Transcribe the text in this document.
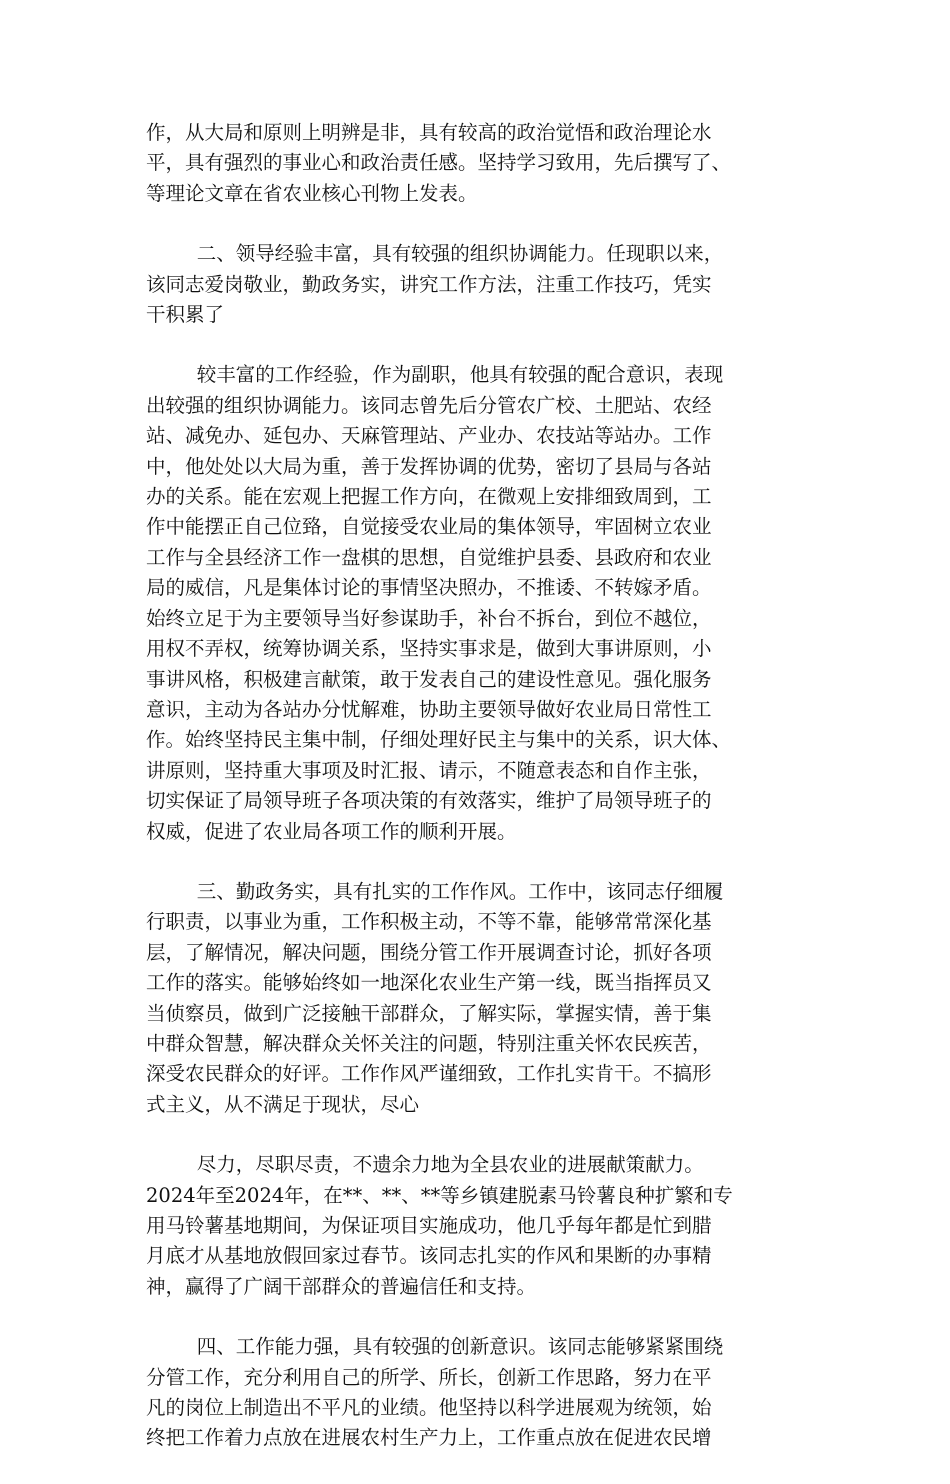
作，从大局和原则上明辨是非，具有较高的政治觉悟和政治理论水
平，具有强烈的事业心和政治责任感。坚持学习致用，先后撰写了、
等理论文章在省农业核心刊物上发表。

二、领导经验丰富，具有较强的组织协调能力。任现职以来，
该同志爱岗敬业，勤政务实，讲究工作方法，注重工作技巧，凭实
干积累了

较丰富的工作经验，作为副职，他具有较强的配合意识，表现
出较强的组织协调能力。该同志曾先后分管农广校、土肥站、农经
站、减免办、延包办、天麻管理站、产业办、农技站等站办。工作
中，他处处以大局为重，善于发挥协调的优势，密切了县局与各站
办的关系。能在宏观上把握工作方向，在微观上安排细致周到，工
作中能摆正自己位臵，自觉接受农业局的集体领导，牢固树立农业
工作与全县经济工作一盘棋的思想，自觉维护县委、县政府和农业
局的威信，凡是集体讨论的事情坚决照办，不推诿、不转嫁矛盾。
始终立足于为主要领导当好参谋助手，补台不拆台，到位不越位，
用权不弄权，统筹协调关系，坚持实事求是，做到大事讲原则，小
事讲风格，积极建言献策，敢于发表自己的建设性意见。强化服务
意识，主动为各站办分忧解难，协助主要领导做好农业局日常性工
作。始终坚持民主集中制，仔细处理好民主与集中的关系，识大体、
讲原则，坚持重大事项及时汇报、请示，不随意表态和自作主张，
切实保证了局领导班子各项决策的有效落实，维护了局领导班子的
权威，促进了农业局各项工作的顺利开展。

三、勤政务实，具有扎实的工作作风。工作中，该同志仔细履
行职责，以事业为重，工作积极主动，不等不靠，能够常常深化基
层，了解情况，解决问题，围绕分管工作开展调查讨论，抓好各项
工作的落实。能够始终如一地深化农业生产第一线，既当指挥员又
当侦察员，做到广泛接触干部群众，了解实际，掌握实情，善于集
中群众智慧，解决群众关怀关注的问题，特别注重关怀农民疾苦，
深受农民群众的好评。工作作风严谨细致，工作扎实肯干。不搞形
式主义，从不满足于现状，尽心

尽力，尽职尽责，不遗余力地为全县农业的进展献策献力。
2024年至2024年，在**、**、**等乡镇建脱素马铃薯良种扩繁和专
用马铃薯基地期间，为保证项目实施成功，他几乎每年都是忙到腊
月底才从基地放假回家过春节。该同志扎实的作风和果断的办事精
神，赢得了广阔干部群众的普遍信任和支持。

四、工作能力强，具有较强的创新意识。该同志能够紧紧围绕
分管工作，充分利用自己的所学、所长，创新工作思路，努力在平
凡的岗位上制造出不平凡的业绩。他坚持以科学进展观为统领，始
终把工作着力点放在进展农村生产力上，工作重点放在促进农民增
